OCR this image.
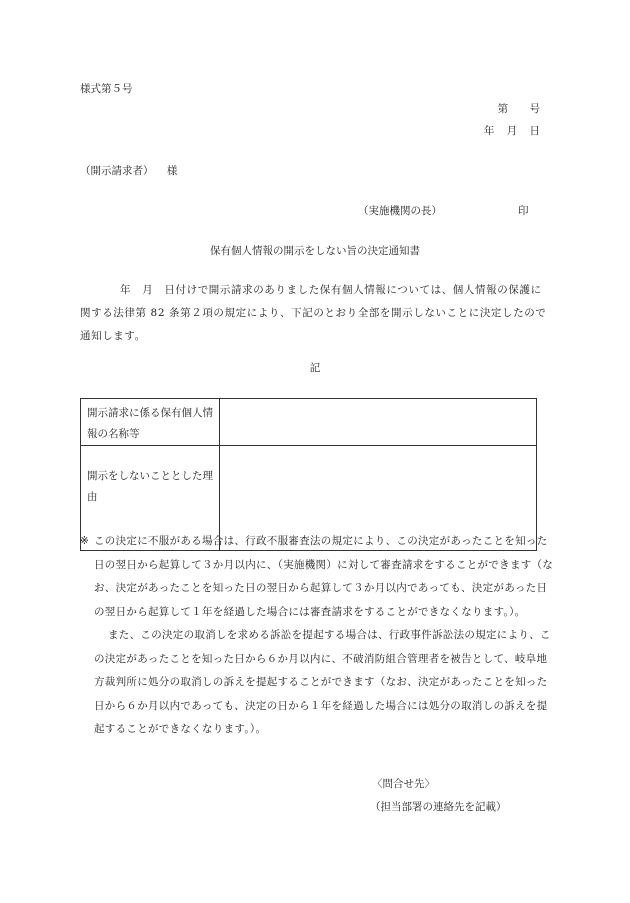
様式第５号
第 号
年 月 日
（開示請求者） 様
（実施機関の長）	印
保有個人情報の開示をしない旨の決定通知書
年　月　日付けで開示請求のありました保有個人情報については、個人情報の保護に関する法律第 82 条第２項の規定により、下記のとおり全部を開示しないことに決定したので通知します。
記
開示請求に係る保有個人情報の名称等	
開示をしないこととした理由	
※ この決定に不服がある場合は、行政不服審査法の規定により、この決定があったことを知った日の翌日から起算して３か月以内に、（実施機関）に対して審査請求をすることができます（なお、決定があったことを知った日の翌日から起算して３か月以内であっても、決定があった日の翌日から起算して１年を経過した場合には審査請求をすることができなくなります。）。

また、この決定の取消しを求める訴訟を提起する場合は、行政事件訴訟法の規定により、この決定があったことを知った日から６か月以内に、不破消防組合管理者を被告として、岐阜地方裁判所に処分の取消しの訴えを提起することができます（なお、決定があったことを知った日から６か月以内であっても、決定の日から１年を経過した場合には処分の取消しの訴えを提起することができなくなります。）。

〈問合せ先〉
（担当部署の連絡先を記載）
